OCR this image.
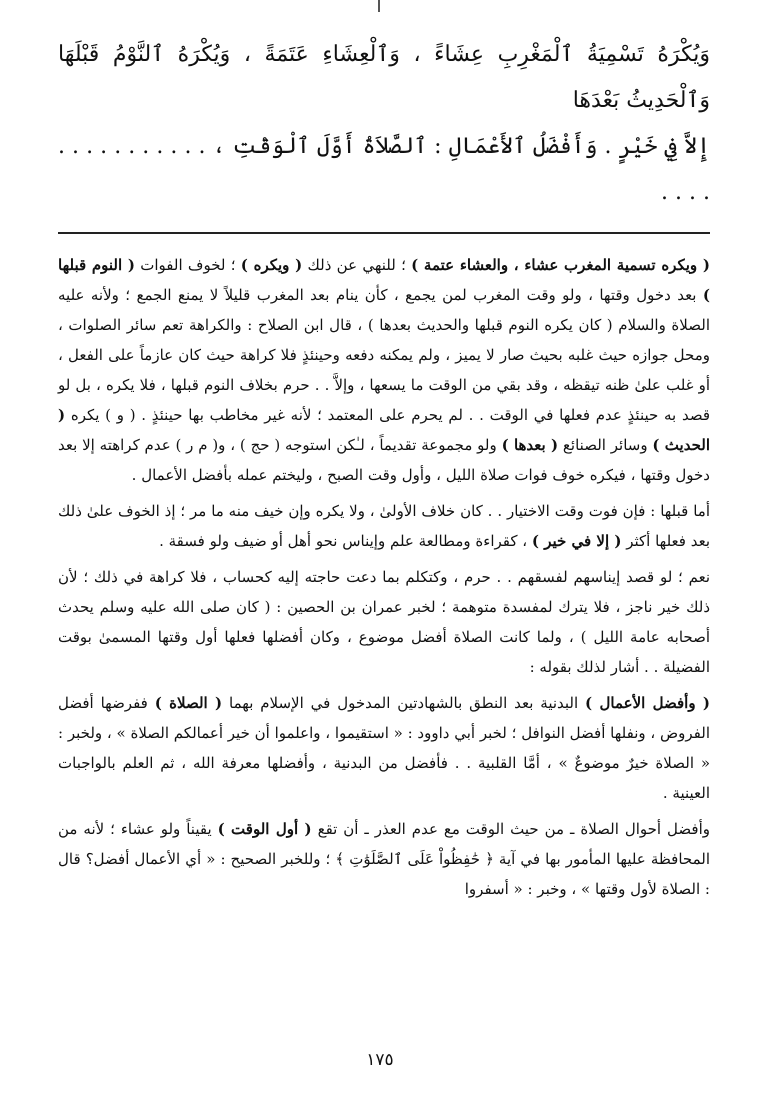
وَيُكْرَهُ تَسْمِيَةُ ٱلْمَغْرِبِ عِشَاءً ، وَٱلْعِشَاءِ عَتَمَةً ، وَيُكْرَهُ ٱلنَّوْمُ قَبْلَهَا وَٱلْحَدِيثُ بَعْدَهَا
إِلاَّ فِي خَيْرٍ . وَأَفْضَلُ ٱلأَعْمَالِ : ٱلصَّلاَةُ أَوَّلَ ٱلْوَقْتِ ، . . . . . . . . . . . . . . .

( ويكره تسمية المغرب عشاء ، والعشاء عتمة ) ؛ للنهي عن ذلك ( ويكره ) ؛ لخوف الفوات ( النوم قبلها ) بعد دخول وقتها ، ولو وقت المغرب لمن يجمع ، كأن ينام بعد المغرب قليلاً لا يمنع الجمع ؛ ولأنه عليه الصلاة والسلام ( كان يكره النوم قبلها والحديث بعدها ) ، قال ابن الصلاح : والكراهة تعم سائر الصلوات ، ومحل جوازه حيث غلبه بحيث صار لا يميز ، ولم يمكنه دفعه وحينئذٍ فلا كراهة حيث كان عازماً على الفعل ، أو غلب علىٰ ظنه تيقظه ، وقد بقي من الوقت ما يسعها ، وإلاَّ . . حرم بخلاف النوم قبلها ، فلا يكره ، بل لو قصد به حينئذٍ عدم فعلها في الوقت . . لم يحرم على المعتمد ؛ لأنه غير مخاطب بها حينئذٍ . ( و ) يكره ( الحديث ) وسائر الصنائع ( بعدها ) ولو مجموعة تقديماً ، لـٰكن استوجه ( حج ) ، و( م ر ) عدم كراهته إلا بعد دخول وقتها ، فيكره خوف فوات صلاة الليل ، وأول وقت الصبح ، وليختم عمله بأفضل الأعمال .

أما قبلها : فإن فوت وقت الاختيار . . كان خلاف الأولىٰ ، ولا يكره وإن خيف منه ما مر ؛ إذ الخوف علىٰ ذلك بعد فعلها أكثر ( إلا في خير ) ، كقراءة ومطالعة علم وإيناس نحو أهل أو ضيف ولو فسقة .

نعم ؛ لو قصد إيناسهم لفسقهم . . حرم ، وكتكلم بما دعت حاجته إليه كحساب ، فلا كراهة في ذلك ؛ لأن ذلك خير ناجز ، فلا يترك لمفسدة متوهمة ؛ لخبر عمران بن الحصين : ( كان صلى الله عليه وسلم يحدث أصحابه عامة الليل ) ، ولما كانت الصلاة أفضل موضوع ، وكان أفضلها فعلها أول وقتها المسمىٰ بوقت الفضيلة . . أشار لذلك بقوله :

( وأفضل الأعمال ) البدنية بعد النطق بالشهادتين المدخول في الإسلام بهما ( الصلاة ) ففرضها أفضل الفروض ، ونفلها أفضل النوافل ؛ لخبر أبي داوود : « استقيموا ، واعلموا أن خير أعمالكم الصلاة » ، ولخبر : « الصلاة خيرٌ موضوعٌ » ، أمَّا القلبية . . فأفضل من البدنية ، وأفضلها معرفة الله ، ثم العلم بالواجبات العينية .

وأفضل أحوال الصلاة ـ من حيث الوقت مع عدم العذر ـ أن تقع ( أول الوقت ) يقيناً ولو عشاء ؛ لأنه من المحافظة عليها المأمور بها في آية ﴿ حَٰفِظُواْ عَلَى ٱلصَّلَوَٰتِ ﴾ ؛ وللخبر الصحيح : « أي الأعمال أفضل؟ قال : الصلاة لأول وقتها » ، وخبر : « أسفروا

١٧٥
